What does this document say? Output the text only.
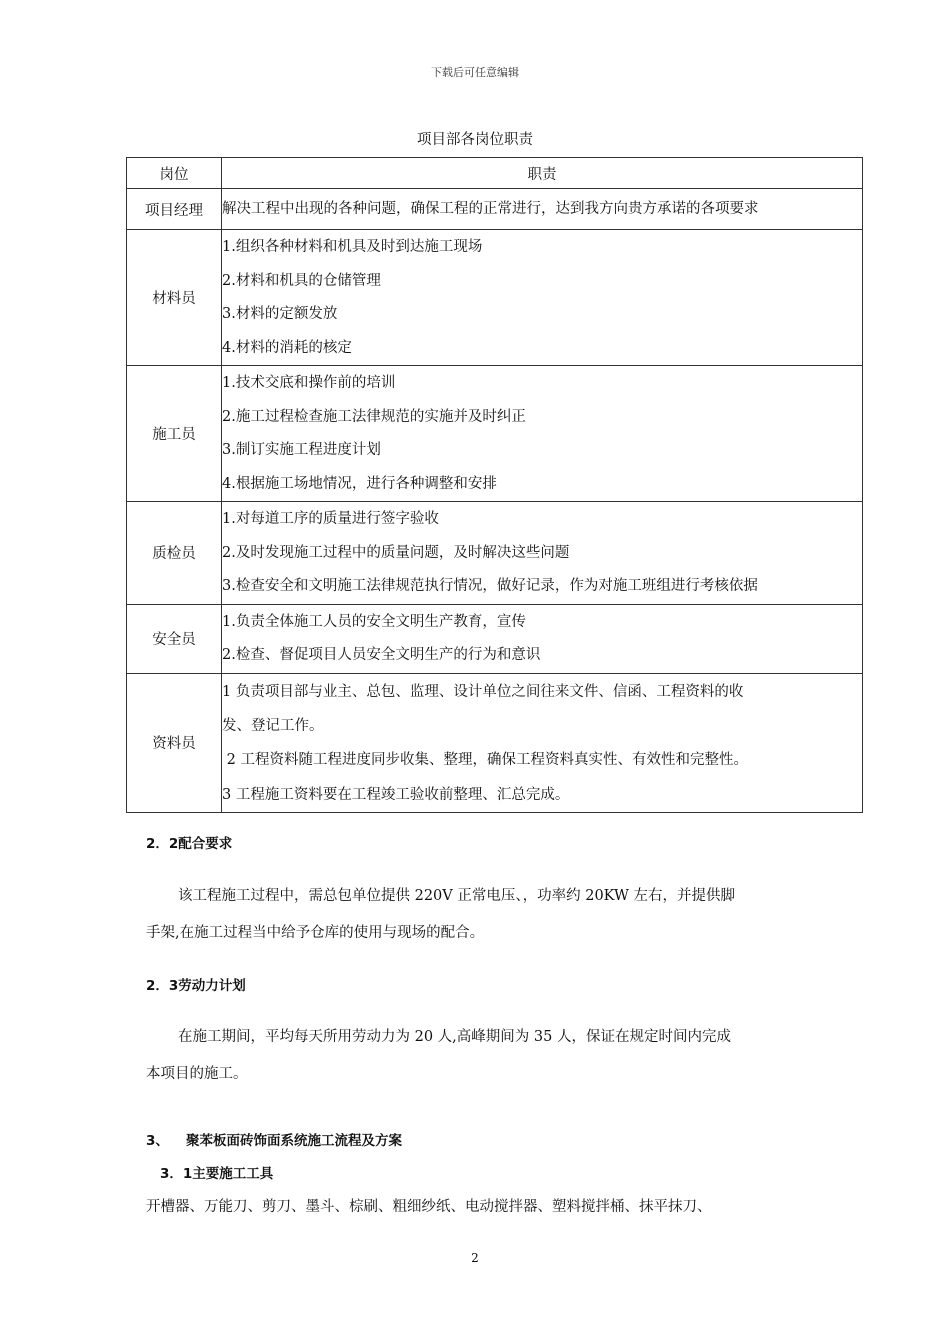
下载后可任意编辑
项目部各岗位职责
岗位	职责
项目经理	解决工程中出现的各种问题，确保工程的正常进行，达到我方向贵方承诺的各项要求

材料员	1.组织各种材料和机具及时到达施工现场
2.材料和机具的仓储管理
3.材料的定额发放
4.材料的消耗的核定

施工员	1.技术交底和操作前的培训
2.施工过程检查施工法律规范的实施并及时纠正
3.制订实施工程进度计划
4.根据施工场地情况，进行各种调整和安排

质检员	1.对每道工序的质量进行签字验收
2.及时发现施工过程中的质量问题，及时解决这些问题
3.检查安全和文明施工法律规范执行情况，做好记录，作为对施工班组进行考核依据

安全员	1.负责全体施工人员的安全文明生产教育，宣传
2.检查、督促项目人员安全文明生产的行为和意识

资料员	1 负责项目部与业主、总包、监理、设计单位之间往来文件、信函、工程资料的收
发、登记工作。
2 工程资料随工程进度同步收集、整理，确保工程资料真实性、有效性和完整性。
3 工程施工资料要在工程竣工验收前整理、汇总完成。
2．2配合要求
该工程施工过程中，需总包单位提供 220V 正常电压、，功率约 20KW 左右，并提供脚
手架,在施工过程当中给予仓库的使用与现场的配合。
2．3劳动力计划
在施工期间，平均每天所用劳动力为 20 人,高峰期间为 35 人，保证在规定时间内完成
本项目的施工。
3、 聚苯板面砖饰面系统施工流程及方案
3．1主要施工工具
开槽器、万能刀、剪刀、墨斗、棕刷、粗细纱纸、电动搅拌器、塑料搅拌桶、抹平抹刀、
2
